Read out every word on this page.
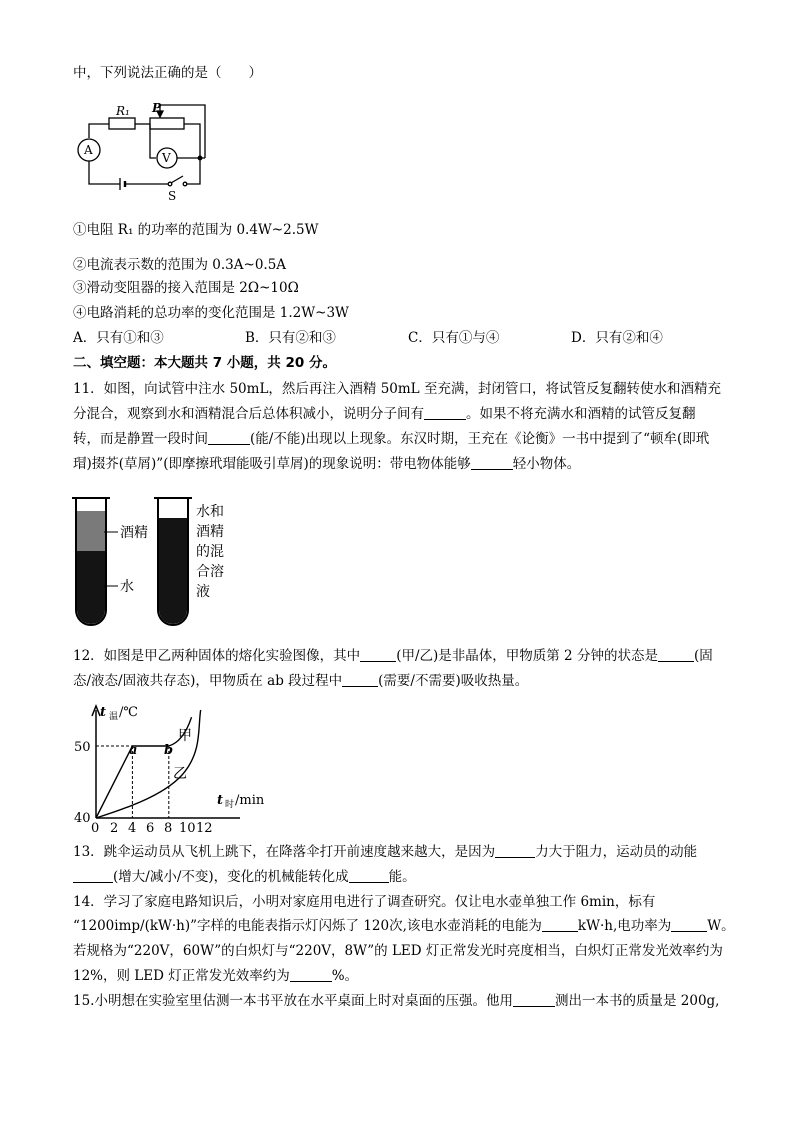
中，下列说法正确的是（　　）
R₁ P
A
V
S
①电阻 R₁ 的功率的范围为 0.4W~2.5W
②电流表示数的范围为 0.3A~0.5A
③滑动变阻器的接入范围是 2Ω~10Ω
④电路消耗的总功率的变化范围是 1.2W~3W
A．只有①和③	B．只有②和③	C．只有①与④	D．只有②和④
二、填空题：本大题共 7 小题，共 20 分。
11．如图，向试管中注水 50mL，然后再注入酒精 50mL 至充满，封闭管口，将试管反复翻转使水和酒精充
分混合，观察到水和酒精混合后总体积减小，说明分子间有	。如果不将充满水和酒精的试管反复翻
转，而是静置一段时间	(能/不能)出现以上现象。东汉时期，王充在《论衡》一书中提到了“顿牟(即玳
瑁)掇芥(草屑)”(即摩擦玳瑁能吸引草屑)的现象说明：带电物体能够	轻小物体。
酒精
水
水和
酒精
的混
合溶
液
12．如图是甲乙两种固体的熔化实验图像，其中	(甲/乙)是非晶体，甲物质第 2 分钟的状态是	(固
态/液态/固液共存态)，甲物质在 ab 段过程中	(需要/不需要)吸收热量。
t 温 /℃
t 时 /min
50
40
0 2 4 6 8 10 12
a b
甲
乙
13．跳伞运动员从飞机上跳下，在降落伞打开前速度越来越大，是因为	力大于阻力，运动员的动能
(增大/减小/不变)，变化的机械能转化成	能。
14．学习了家庭电路知识后，小明对家庭用电进行了调查研究。仅让电水壶单独工作 6min，标有
“1200imp/(kW·h)”字样的电能表指示灯闪烁了 120次,该电水壶消耗的电能为	kW·h,电功率为	W。
若规格为“220V，60W”的白炽灯与“220V，8W”的 LED 灯正常发光时亮度相当，白炽灯正常发光效率约为
12%，则 LED 灯正常发光效率约为	%。
15.小明想在实验室里估测一本书平放在水平桌面上时对桌面的压强。他用	测出一本书的质量是 200g,
